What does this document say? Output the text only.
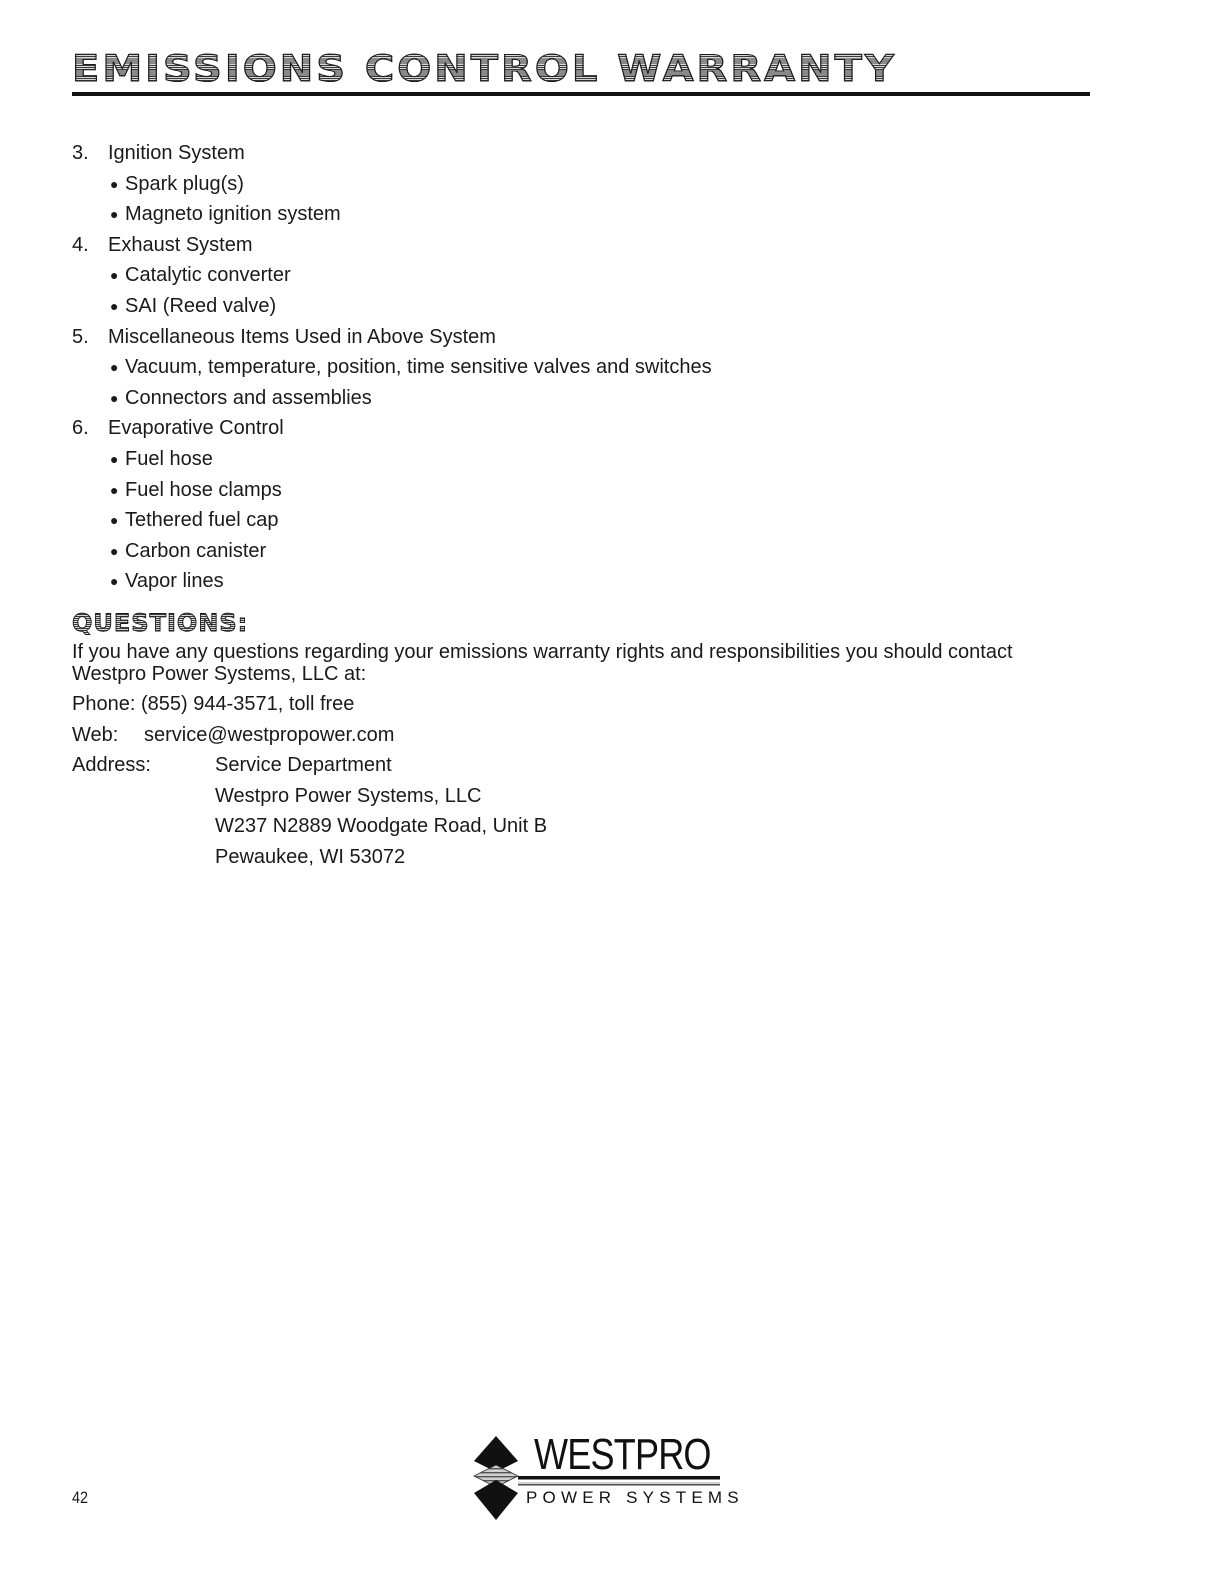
EMISSIONS CONTROL WARRANTY
3. Ignition System
● Spark plug(s)
● Magneto ignition system
4. Exhaust System
● Catalytic converter
● SAI (Reed valve)
5. Miscellaneous Items Used in Above System
● Vacuum, temperature, position, time sensitive valves and switches
● Connectors and assemblies
6. Evaporative Control
● Fuel hose
● Fuel hose clamps
● Tethered fuel cap
● Carbon canister
● Vapor lines
QUESTIONS:
If you have any questions regarding your emissions warranty rights and responsibilities you should contact Westpro Power Systems, LLC at:
Phone: (855) 944-3571, toll free
Web:	service@westpropower.com
Address:	Service Department
Westpro Power Systems, LLC
W237 N2889 Woodgate Road, Unit B
Pewaukee, WI 53072
42
WESTPRO
POWER SYSTEMS
